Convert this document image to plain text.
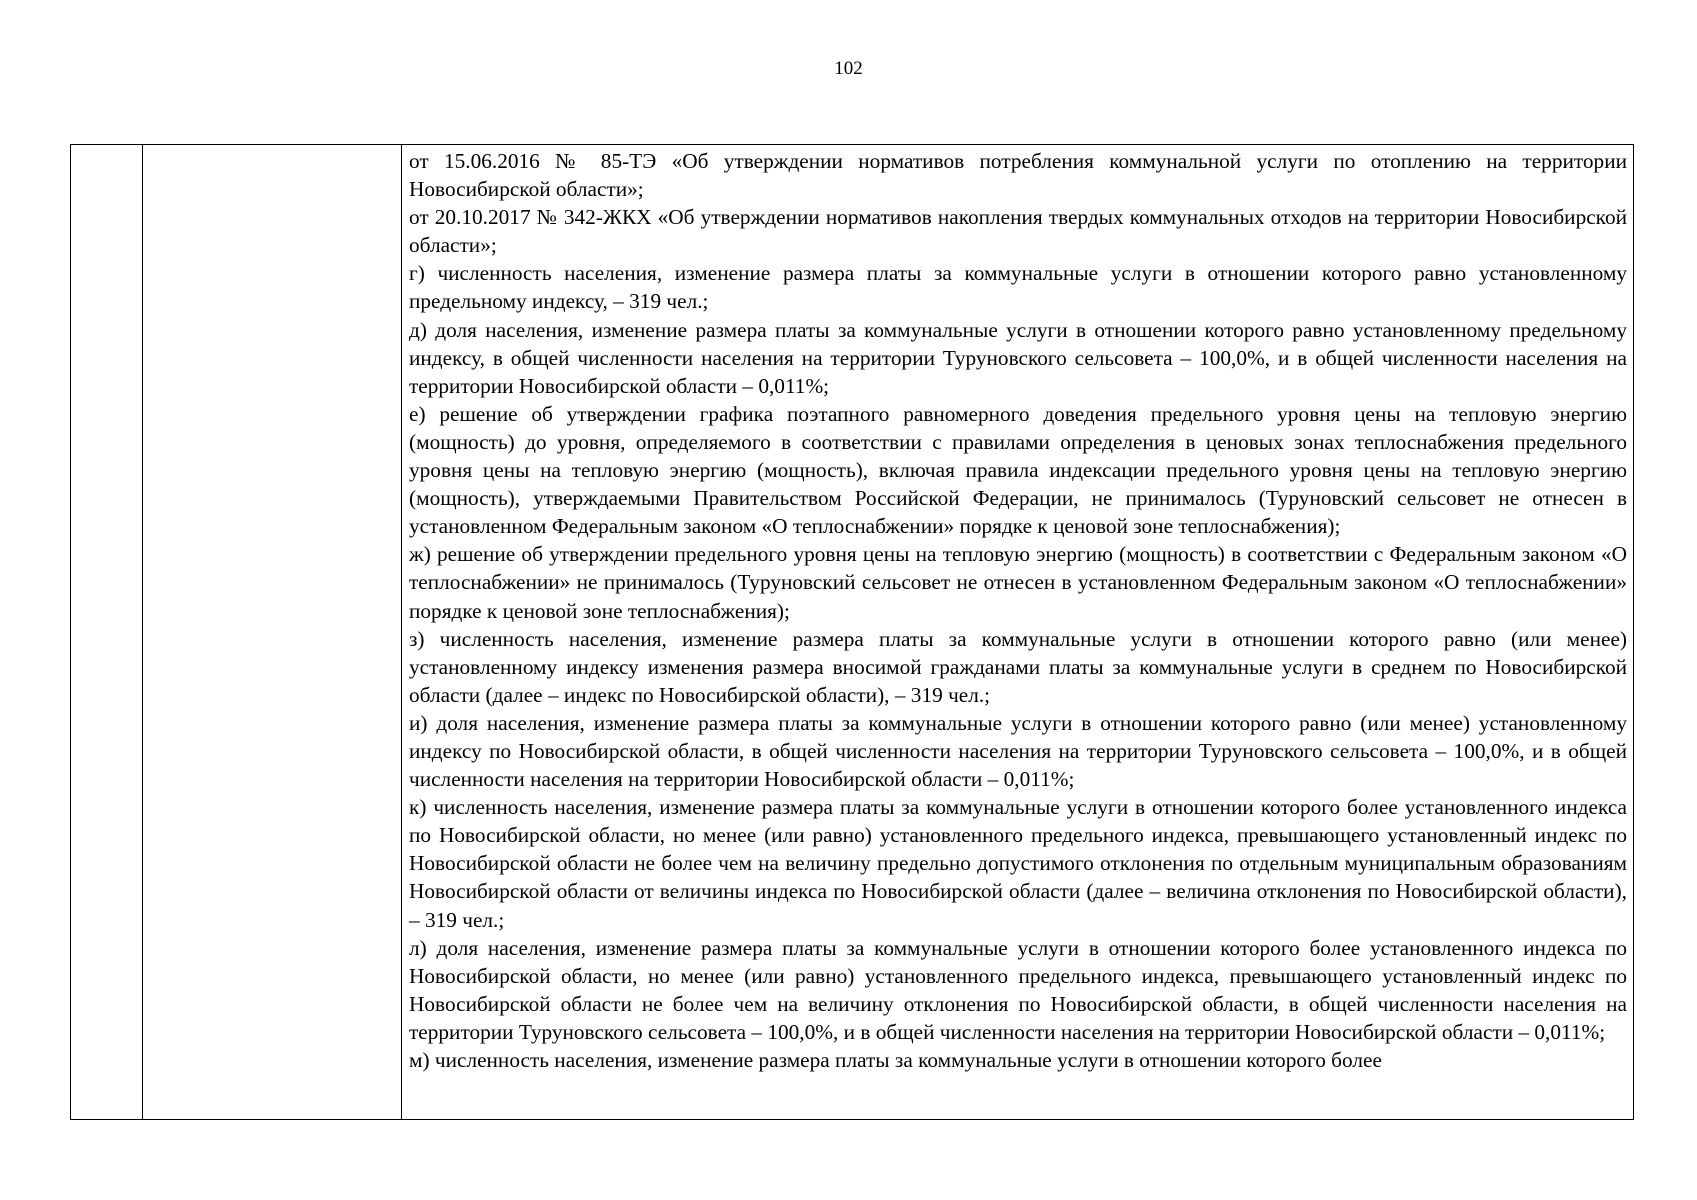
102

от 15.06.2016 № 85-ТЭ «Об утверждении нормативов потребления коммунальной услуги по отоплению на территории Новосибирской области»;

от 20.10.2017 № 342-ЖКХ «Об утверждении нормативов накопления твердых коммунальных отходов на территории Новосибирской области»;

г) численность населения, изменение размера платы за коммунальные услуги в отношении которого равно установленному предельному индексу, – 319 чел.;

д) доля населения, изменение размера платы за коммунальные услуги в отношении которого равно установленному предельному индексу, в общей численности населения на территории Туруновского сельсовета – 100,0%, и в общей численности населения на территории Новосибирской области – 0,011%;

е) решение об утверждении графика поэтапного равномерного доведения предельного уровня цены на тепловую энергию (мощность) до уровня, определяемого в соответствии с правилами определения в ценовых зонах теплоснабжения предельного уровня цены на тепловую энергию (мощность), включая правила индексации предельного уровня цены на тепловую энергию (мощность), утверждаемыми Правительством Российской Федерации, не принималось (Туруновский сельсовет не отнесен в установленном Федеральным законом «О теплоснабжении» порядке к ценовой зоне теплоснабжения);

ж) решение об утверждении предельного уровня цены на тепловую энергию (мощность) в соответствии с Федеральным законом «О теплоснабжении» не принималось (Туруновский сельсовет не отнесен в установленном Федеральным законом «О теплоснабжении» порядке к ценовой зоне теплоснабжения);

з) численность населения, изменение размера платы за коммунальные услуги в отношении которого равно (или менее) установленному индексу изменения размера вносимой гражданами платы за коммунальные услуги в среднем по Новосибирской области (далее – индекс по Новосибирской области), – 319 чел.;

и) доля населения, изменение размера платы за коммунальные услуги в отношении которого равно (или менее) установленному индексу по Новосибирской области, в общей численности населения на территории Туруновского сельсовета – 100,0%, и в общей численности населения на территории Новосибирской области – 0,011%;

к) численность населения, изменение размера платы за коммунальные услуги в отношении которого более установленного индекса по Новосибирской области, но менее (или равно) установленного предельного индекса, превышающего установленный индекс по Новосибирской области не более чем на величину предельно допустимого отклонения по отдельным муниципальным образованиям Новосибирской области от величины индекса по Новосибирской области (далее – величина отклонения по Новосибирской области), – 319 чел.;

л) доля населения, изменение размера платы за коммунальные услуги в отношении которого более установленного индекса по Новосибирской области, но менее (или равно) установленного предельного индекса, превышающего установленный индекс по Новосибирской области не более чем на величину отклонения по Новосибирской области, в общей численности населения на территории Туруновского сельсовета – 100,0%, и в общей численности населения на территории Новосибирской области – 0,011%;

м) численность населения, изменение размера платы за коммунальные услуги в отношении которого более
